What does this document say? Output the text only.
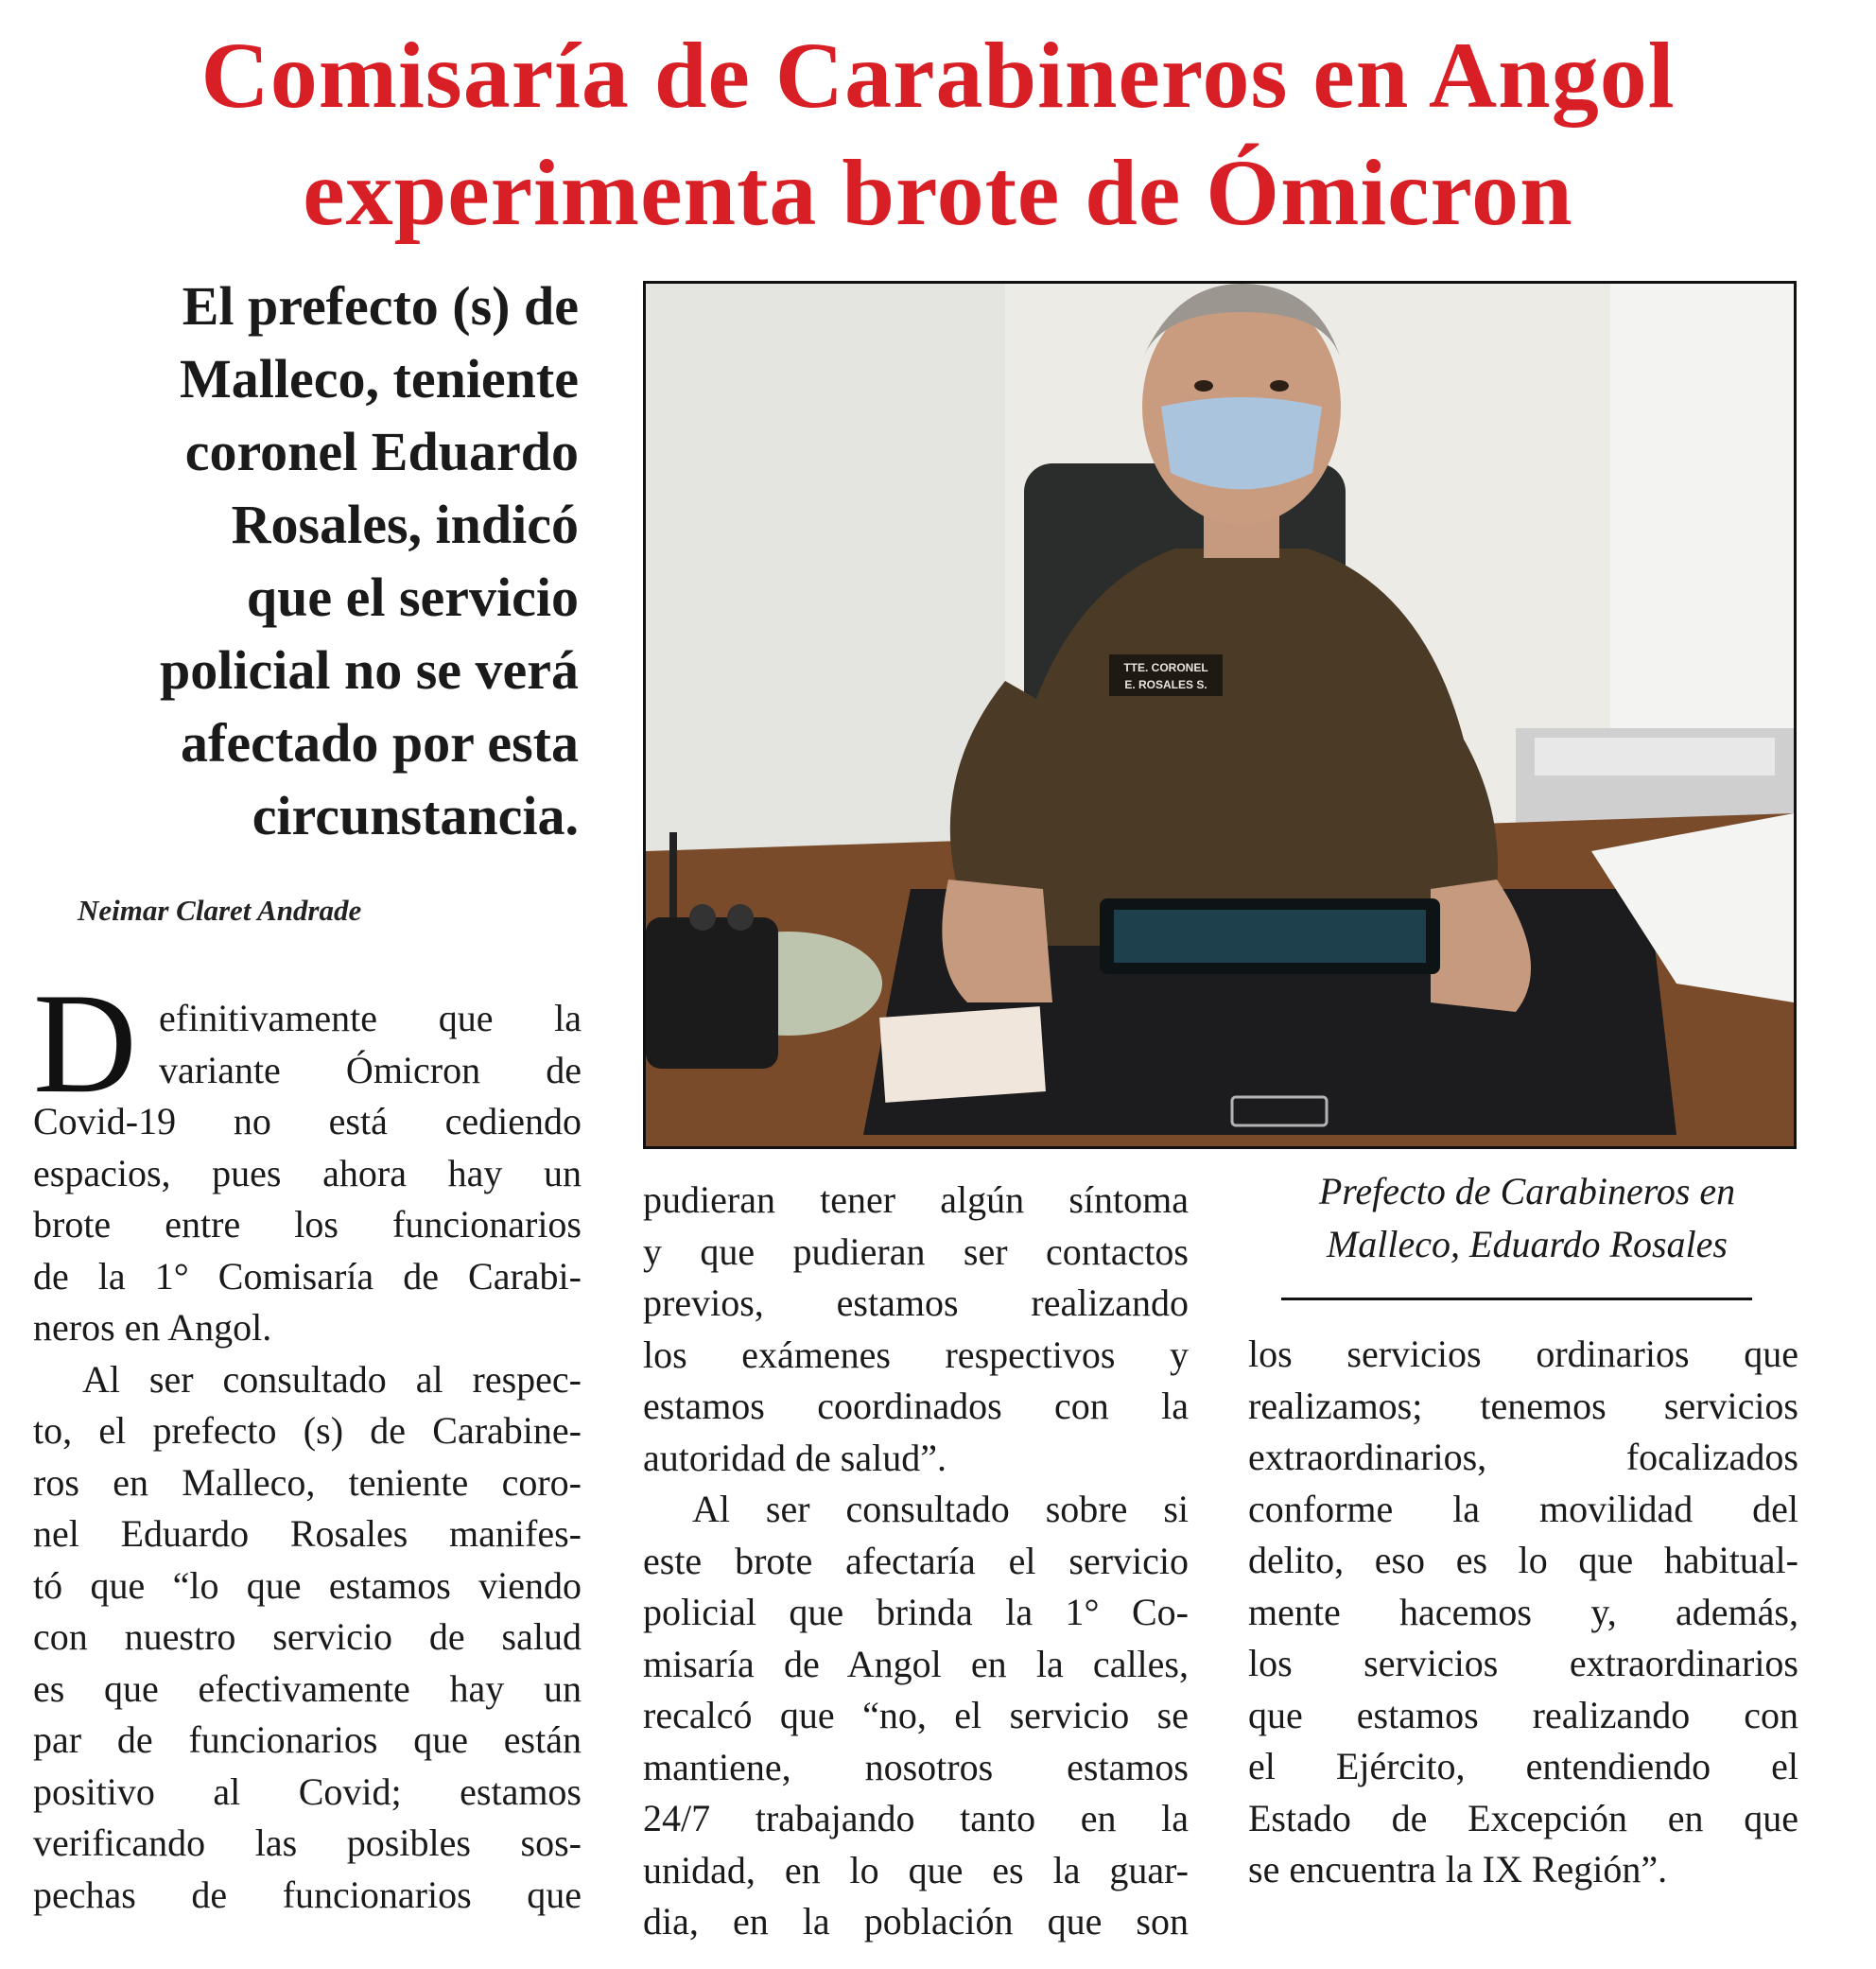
Comisaría de Carabineros en Angol
experimenta brote de Ómicron
El prefecto (s) de
Malleco, teniente
coronel Eduardo
Rosales, indicó
que el servicio
policial no se verá
afectado por esta
circunstancia.
Neimar Claret Andrade
TTE. CORONEL
E. ROSALES S.
Prefecto de Carabineros en
Malleco, Eduardo Rosales
D efinitivamente que la
variante Ómicron de
Covid-19 no está cediendo
espacios, pues ahora hay un
brote entre los funcionarios
de la 1° Comisaría de Carabi-
neros en Angol.
Al ser consultado al respec-
to, el prefecto (s) de Carabine-
ros en Malleco, teniente coro-
nel Eduardo Rosales manifes-
tó que “lo que estamos viendo
con nuestro servicio de salud
es que efectivamente hay un
par de funcionarios que están
positivo al Covid; estamos
verificando las posibles sos-
pechas de funcionarios que
pudieran tener algún síntoma
y que pudieran ser contactos
previos, estamos realizando
los exámenes respectivos y
estamos coordinados con la
autoridad de salud”.
Al ser consultado sobre si
este brote afectaría el servicio
policial que brinda la 1° Co-
misaría de Angol en la calles,
recalcó que “no, el servicio se
mantiene, nosotros estamos
24/7 trabajando tanto en la
unidad, en lo que es la guar-
dia, en la población que son
los servicios ordinarios que
realizamos; tenemos servicios
extraordinarios, focalizados
conforme la movilidad del
delito, eso es lo que habitual-
mente hacemos y, además,
los servicios extraordinarios
que estamos realizando con
el Ejército, entendiendo el
Estado de Excepción en que
se encuentra la IX Región”.
